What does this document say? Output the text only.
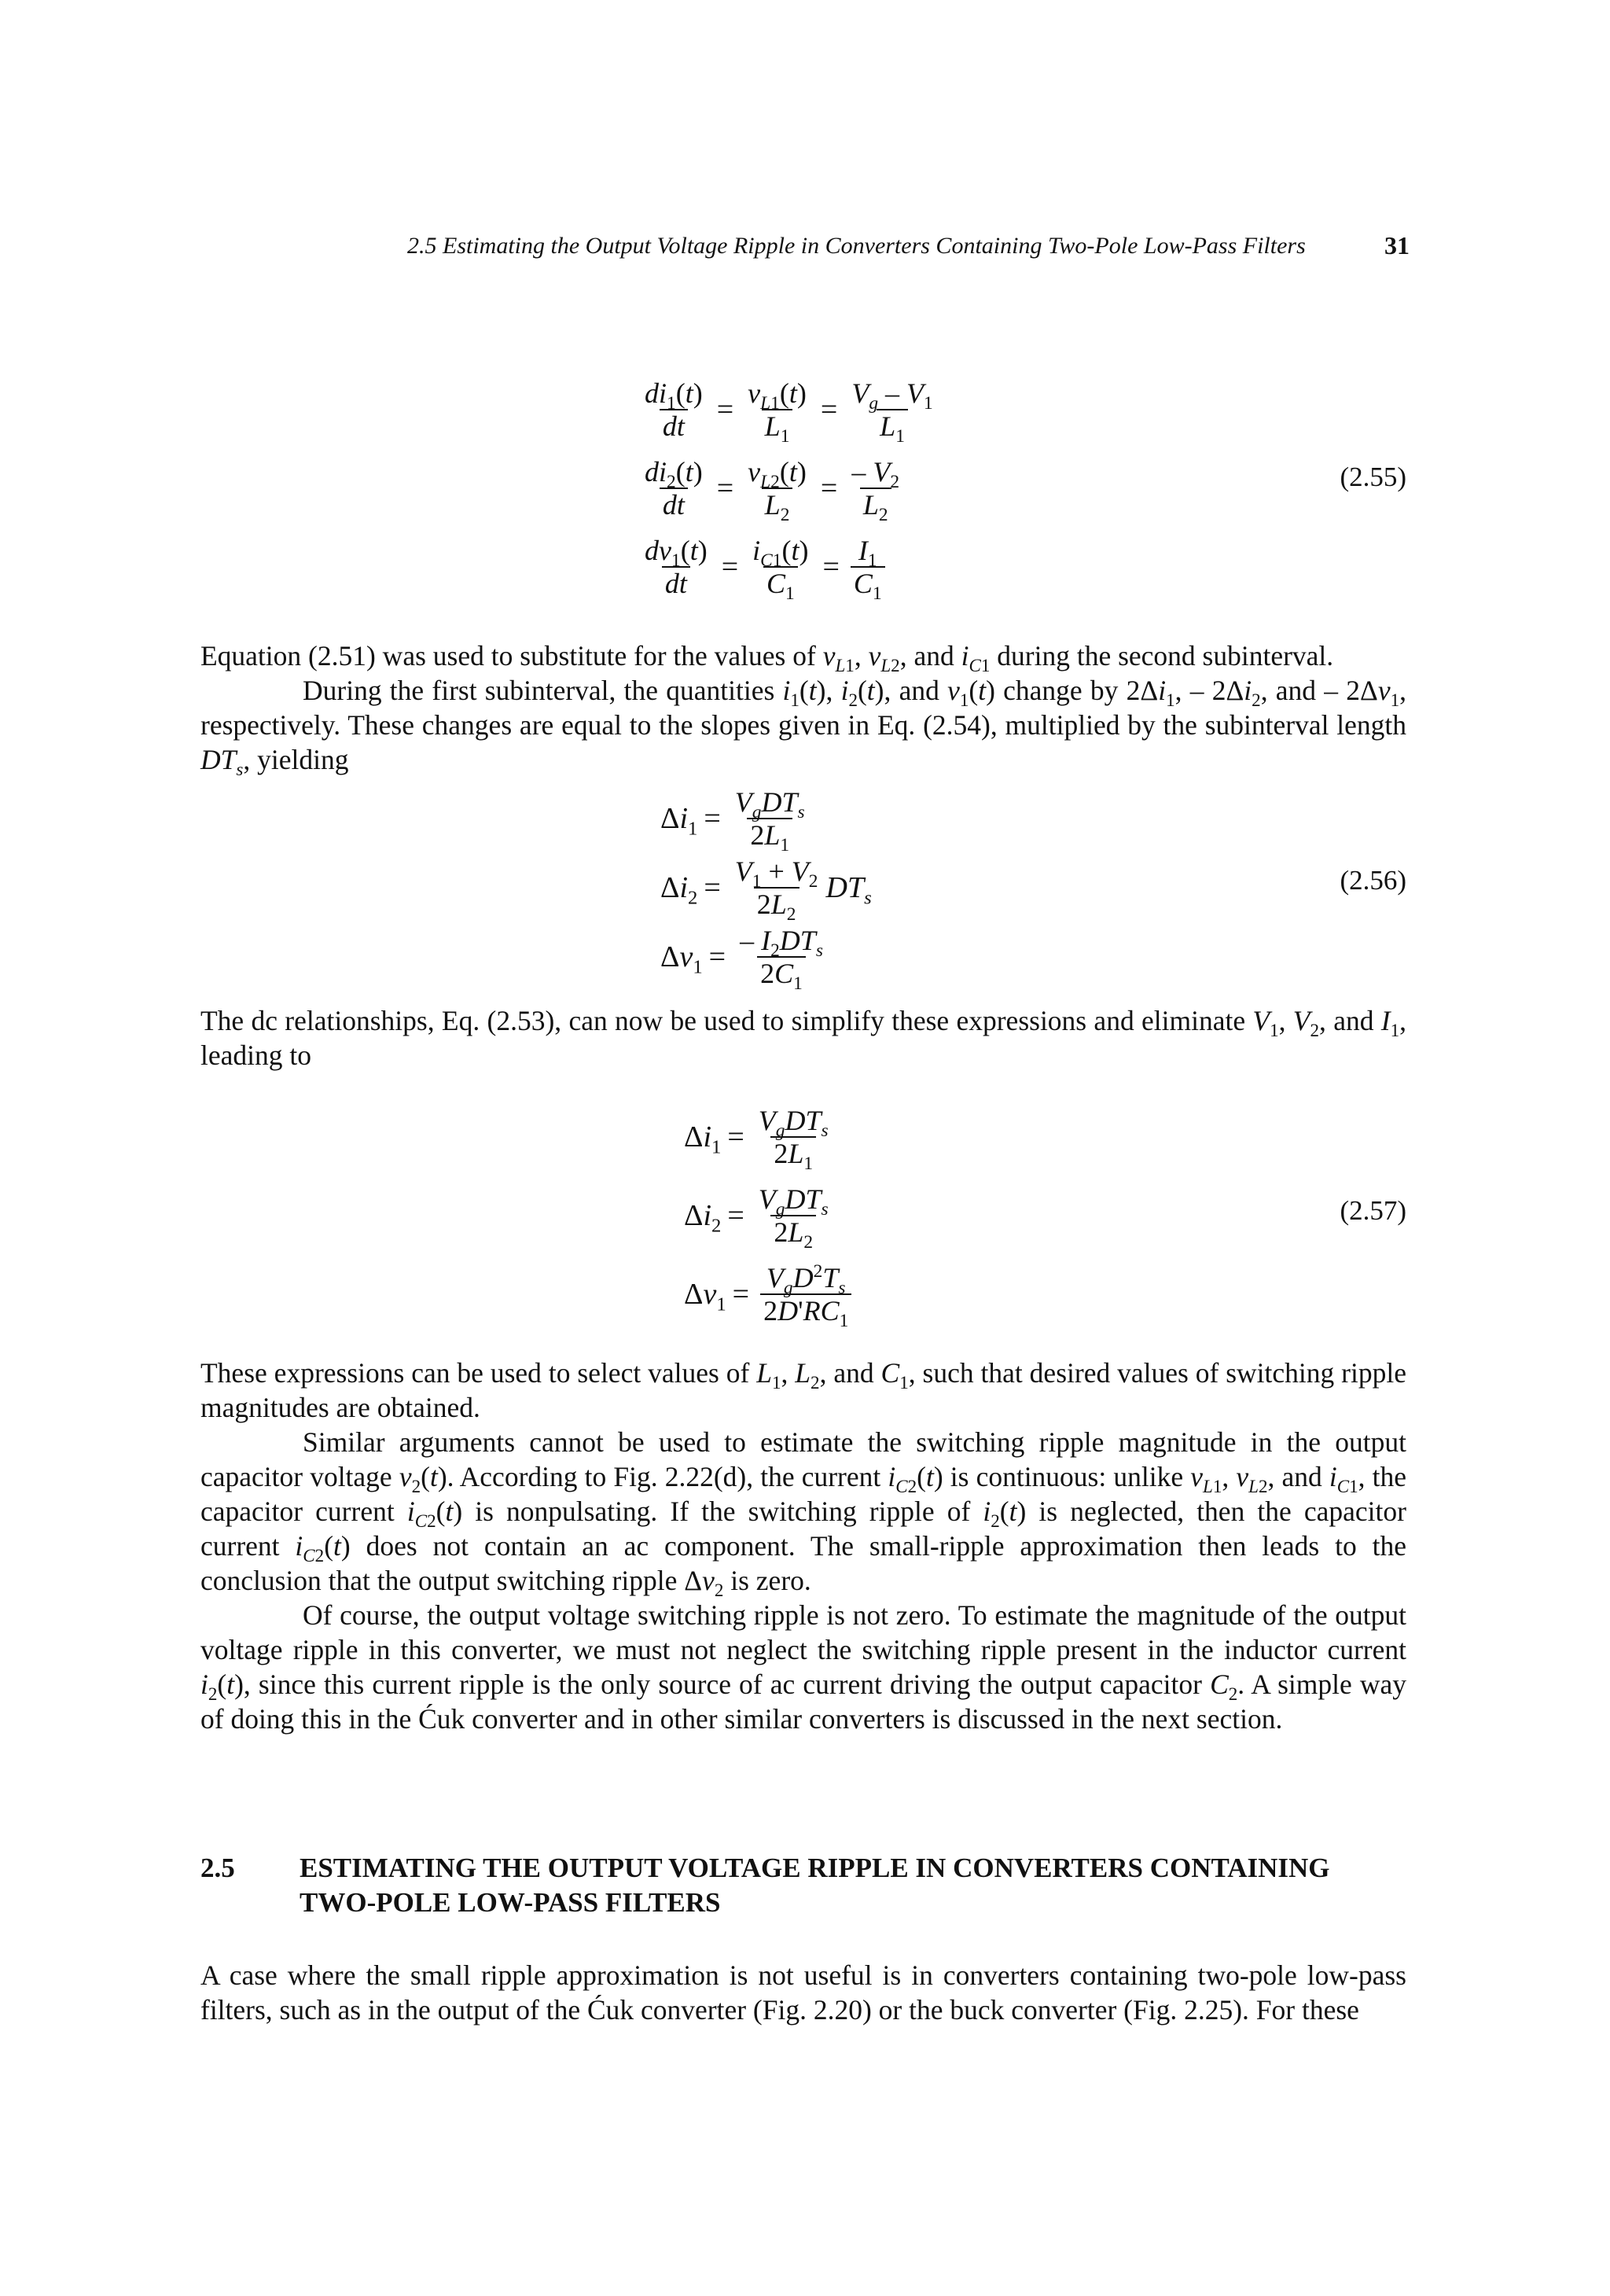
2.5 Estimating the Output Voltage Ripple in Converters Containing Two-Pole Low-Pass Filters	31
$\frac{di_1(t)}{dt} = \frac{v_{L1}(t)}{L_1} = \frac{V_g - V_1}{L_1}$
$\frac{di_2(t)}{dt} = \frac{v_{L2}(t)}{L_2} = \frac{- V_2}{L_2}$
$\frac{dv_1(t)}{dt} = \frac{i_{C1}(t)}{C_1} = \frac{I_1}{C_1}$
(2.55)

Equation (2.51) was used to substitute for the values of $v_{L1}$, $v_{L2}$, and $i_{C1}$ during the second subinterval.

During the first subinterval, the quantities $i_1(t)$, $i_2(t)$, and $v_1(t)$ change by $2\Delta i_1$, – $2\Delta i_2$, and – $2\Delta v_1$, respectively. These changes are equal to the slopes given in Eq. (2.54), multiplied by the subinterval length $DT_s$, yielding

$\Delta i_1 = \frac{V_gDT_s}{2L_1}$
$\Delta i_2 = \frac{V_1 + V_2}{2L_2} DT_s$
$\Delta v_1 = \frac{- I_2DT_s}{2C_1}$
(2.56)

The dc relationships, Eq. (2.53), can now be used to simplify these expressions and eliminate $V_1$, $V_2$, and $I_1$, leading to

$\Delta i_1 = \frac{V_gDT_s}{2L_1}$
$\Delta i_2 = \frac{V_gDT_s}{2L_2}$
$\Delta v_1 = \frac{V_gD^2T_s}{2D'RC_1}$
(2.57)

These expressions can be used to select values of $L_1$, $L_2$, and $C_1$, such that desired values of switching ripple magnitudes are obtained.

Similar arguments cannot be used to estimate the switching ripple magnitude in the output capacitor voltage $v_2(t)$. According to Fig. 2.22(d), the current $i_{C2}(t)$ is continuous: unlike $v_{L1}$, $v_{L2}$, and $i_{C1}$, the capacitor current $i_{C2}(t)$ is nonpulsating. If the switching ripple of $i_2(t)$ is neglected, then the capacitor current $i_{C2}(t)$ does not contain an ac component. The small-ripple approximation then leads to the conclusion that the output switching ripple $\Delta v_2$ is zero.

Of course, the output voltage switching ripple is not zero. To estimate the magnitude of the output voltage ripple in this converter, we must not neglect the switching ripple present in the inductor current $i_2(t)$, since this current ripple is the only source of ac current driving the output capacitor $C_2$. A simple way of doing this in the Ćuk converter and in other similar converters is discussed in the next section.

2.5 ESTIMATING THE OUTPUT VOLTAGE RIPPLE IN CONVERTERS CONTAINING TWO-POLE LOW-PASS FILTERS

A case where the small ripple approximation is not useful is in converters containing two-pole low-pass filters, such as in the output of the Ćuk converter (Fig. 2.20) or the buck converter (Fig. 2.25). For these
